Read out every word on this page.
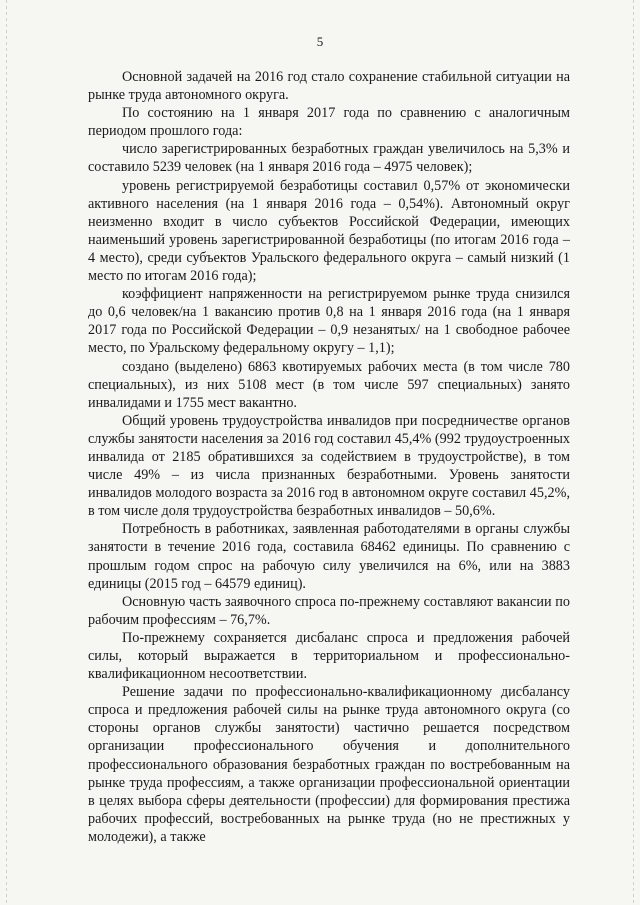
5

Основной задачей на 2016 год стало сохранение стабильной ситуации на рынке труда автономного округа.

По состоянию на 1 января 2017 года по сравнению с аналогичным периодом прошлого года:

число зарегистрированных безработных граждан увеличилось на 5,3% и составило 5239 человек (на 1 января 2016 года – 4975 человек);

уровень регистрируемой безработицы составил 0,57% от экономически активного населения (на 1 января 2016 года – 0,54%). Автономный округ неизменно входит в число субъектов Российской Федерации, имеющих наименьший уровень зарегистрированной безработицы (по итогам 2016 года – 4 место), среди субъектов Уральского федерального округа – самый низкий (1 место по итогам 2016 года);

коэффициент напряженности на регистрируемом рынке труда снизился до 0,6 человек/на 1 вакансию против 0,8 на 1 января 2016 года (на 1 января 2017 года по Российской Федерации – 0,9 незанятых/ на 1 свободное рабочее место, по Уральскому федеральному округу – 1,1);

создано (выделено) 6863 квотируемых рабочих места (в том числе 780 специальных), из них 5108 мест (в том числе 597 специальных) занято инвалидами и 1755 мест вакантно.

Общий уровень трудоустройства инвалидов при посредничестве органов службы занятости населения за 2016 год составил 45,4% (992 трудоустроенных инвалида от 2185 обратившихся за содействием в трудоустройстве), в том числе 49% – из числа признанных безработными. Уровень занятости инвалидов молодого возраста за 2016 год в автономном округе составил 45,2%, в том числе доля трудоустройства безработных инвалидов – 50,6%.

Потребность в работниках, заявленная работодателями в органы службы занятости в течение 2016 года, составила 68462 единицы. По сравнению с прошлым годом спрос на рабочую силу увеличился на 6%, или на 3883 единицы (2015 год – 64579 единиц).

Основную часть заявочного спроса по-прежнему составляют вакансии по рабочим профессиям – 76,7%.

По-прежнему сохраняется дисбаланс спроса и предложения рабочей силы, который выражается в территориальном и профессионально-квалификационном несоответствии.

Решение задачи по профессионально-квалификационному дисбалансу спроса и предложения рабочей силы на рынке труда автономного округа (со стороны органов службы занятости) частично решается посредством организации профессионального обучения и дополнительного профессионального образования безработных граждан по востребованным на рынке труда профессиям, а также организации профессиональной ориентации в целях выбора сферы деятельности (профессии) для формирования престижа рабочих профессий, востребованных на рынке труда (но не престижных у молодежи), а также
